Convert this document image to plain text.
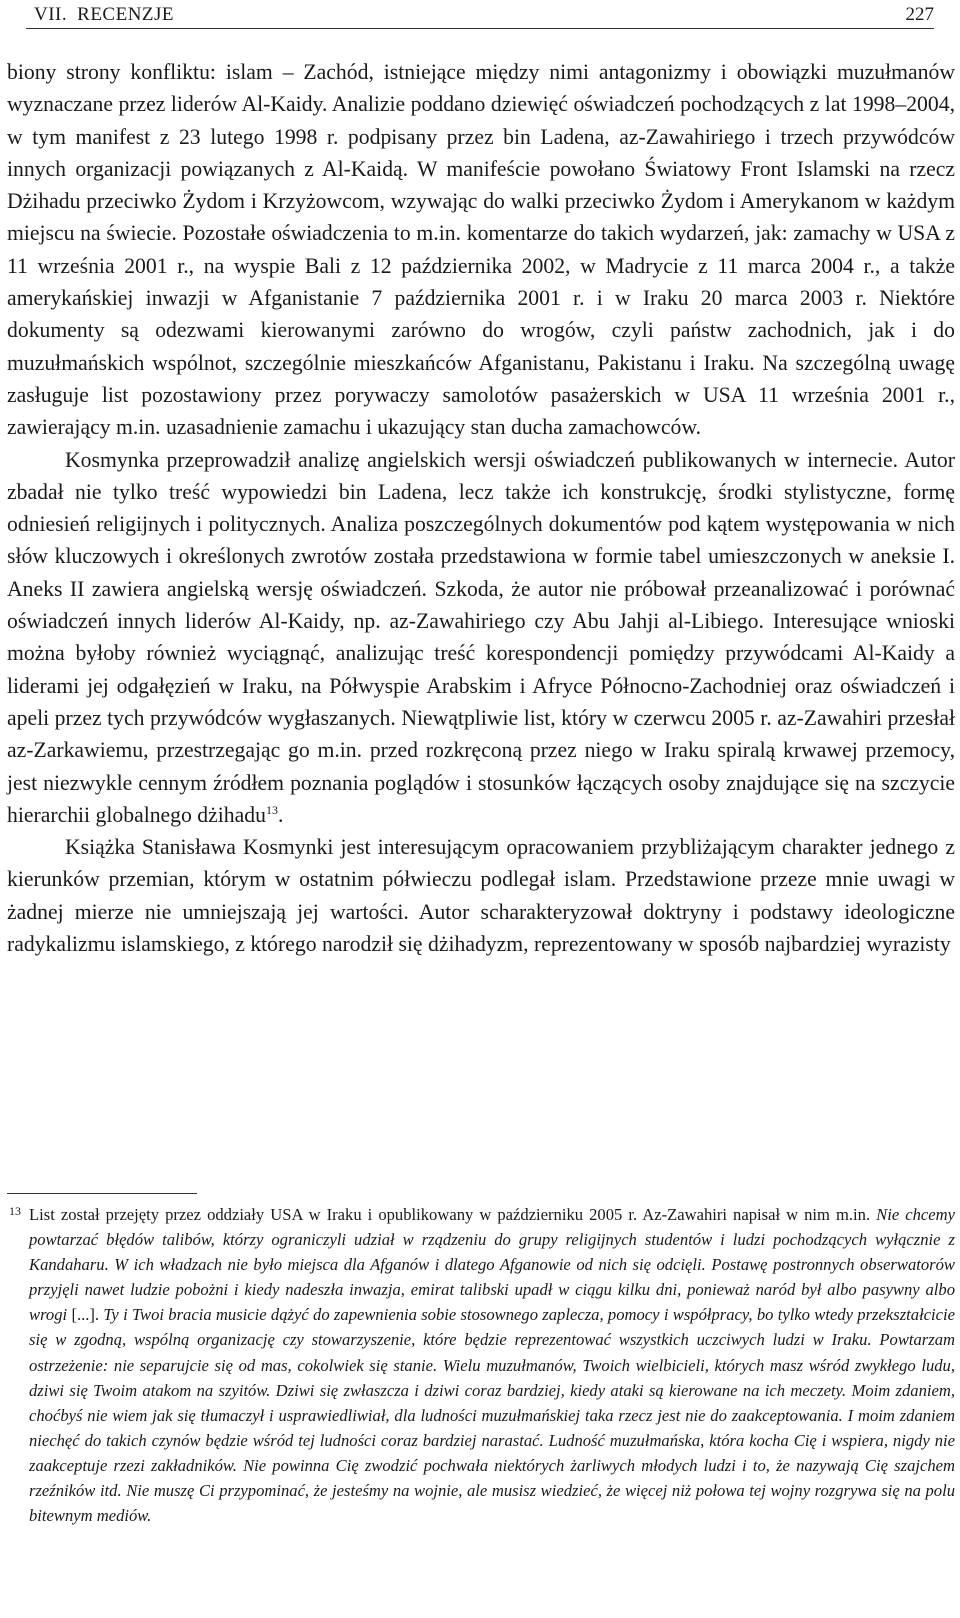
VII. RECENZJE	227

biony strony konfliktu: islam – Zachód, istniejące między nimi antagonizmy i obowiązki muzułmanów wyznaczane przez liderów Al-Kaidy. Analizie poddano dziewięć oświadczeń pochodzących z lat 1998–2004, w tym manifest z 23 lutego 1998 r. podpisany przez bin Ladena, az-Zawahiriego i trzech przywódców innych organizacji powiązanych z Al-Kaidą. W manifeście powołano Światowy Front Islamski na rzecz Dżihadu przeciwko Żydom i Krzyżowcom, wzywając do walki przeciwko Żydom i Amerykanom w każdym miejscu na świecie. Pozostałe oświadczenia to m.in. komentarze do takich wydarzeń, jak: zamachy w USA z 11 września 2001 r., na wyspie Bali z 12 października 2002, w Madrycie z 11 marca 2004 r., a także amerykańskiej inwazji w Afganistanie 7 października 2001 r. i w Iraku 20 marca 2003 r. Niektóre dokumenty są odezwami kierowanymi zarówno do wrogów, czyli państw zachodnich, jak i do muzułmańskich wspólnot, szczególnie mieszkańców Afganistanu, Pakistanu i Iraku. Na szczególną uwagę zasługuje list pozostawiony przez porywaczy samolotów pasażerskich w USA 11 września 2001 r., zawierający m.in. uzasadnienie zamachu i ukazujący stan ducha zamachowców.

Kosmynka przeprowadził analizę angielskich wersji oświadczeń publikowanych w internecie. Autor zbadał nie tylko treść wypowiedzi bin Ladena, lecz także ich konstrukcję, środki stylistyczne, formę odniesień religijnych i politycznych. Analiza poszczególnych dokumentów pod kątem występowania w nich słów kluczowych i określonych zwrotów została przedstawiona w formie tabel umieszczonych w aneksie I. Aneks II zawiera angielską wersję oświadczeń. Szkoda, że autor nie próbował przeanalizować i porównać oświadczeń innych liderów Al-Kaidy, np. az-Zawahiriego czy Abu Jahji al-Libiego. Interesujące wnioski można byłoby również wyciągnąć, analizując treść korespondencji pomiędzy przywódcami Al-Kaidy a liderami jej odgałęzień w Iraku, na Półwyspie Arabskim i Afryce Północno-Zachodniej oraz oświadczeń i apeli przez tych przywódców wygłaszanych. Niewątpliwie list, który w czerwcu 2005 r. az-Zawahiri przesłał az-Zarkawiemu, przestrzegając go m.in. przed rozkręconą przez niego w Iraku spiralą krwawej przemocy, jest niezwykle cennym źródłem poznania poglądów i stosunków łączących osoby znajdujące się na szczycie hierarchii globalnego dżihadu$^{13}$.

Książka Stanisława Kosmynki jest interesującym opracowaniem przybliżającym charakter jednego z kierunków przemian, którym w ostatnim półwieczu podlegał islam. Przedstawione przeze mnie uwagi w żadnej mierze nie umniejszają jej wartości. Autor scharakteryzował doktryny i podstawy ideologiczne radykalizmu islamskiego, z którego narodził się dżihadyzm, reprezentowany w sposób najbardziej wyrazisty

13 List został przejęty przez oddziały USA w Iraku i opublikowany w październiku 2005 r. Az-Zawahiri napisał w nim m.in. Nie chcemy powtarzać błędów talibów, którzy ograniczyli udział w rządzeniu do grupy religijnych studentów i ludzi pochodzących wyłącznie z Kandaharu. W ich władzach nie było miejsca dla Afganów i dlatego Afganowie od nich się odcięli. Postawę postronnych obserwatorów przyjęli nawet ludzie pobożni i kiedy nadeszła inwazja, emirat talibski upadł w ciągu kilku dni, ponieważ naród był albo pasywny albo wrogi [...]. Ty i Twoi bracia musicie dążyć do zapewnienia sobie stosownego zaplecza, pomocy i współpracy, bo tylko wtedy przekształcicie się w zgodną, wspólną organizację czy stowarzyszenie, które będzie reprezentować wszystkich uczciwych ludzi w Iraku. Powtarzam ostrzeżenie: nie separujcie się od mas, cokolwiek się stanie. Wielu muzułmanów, Twoich wielbicieli, których masz wśród zwykłego ludu, dziwi się Twoim atakom na szyitów. Dziwi się zwłaszcza i dziwi coraz bardziej, kiedy ataki są kierowane na ich meczety. Moim zdaniem, choćbyś nie wiem jak się tłumaczył i usprawiedliwiał, dla ludności muzułmańskiej taka rzecz jest nie do zaakceptowania. I moim zdaniem niechęć do takich czynów będzie wśród tej ludności coraz bardziej narastać. Ludność muzułmańska, która kocha Cię i wspiera, nigdy nie zaakceptuje rzezi zakładników. Nie powinna Cię zwodzić pochwała niektórych żarliwych młodych ludzi i to, że nazywają Cię szajchem rzeźników itd. Nie muszę Ci przypominać, że jesteśmy na wojnie, ale musisz wiedzieć, że więcej niż połowa tej wojny rozgrywa się na polu bitewnym mediów.
